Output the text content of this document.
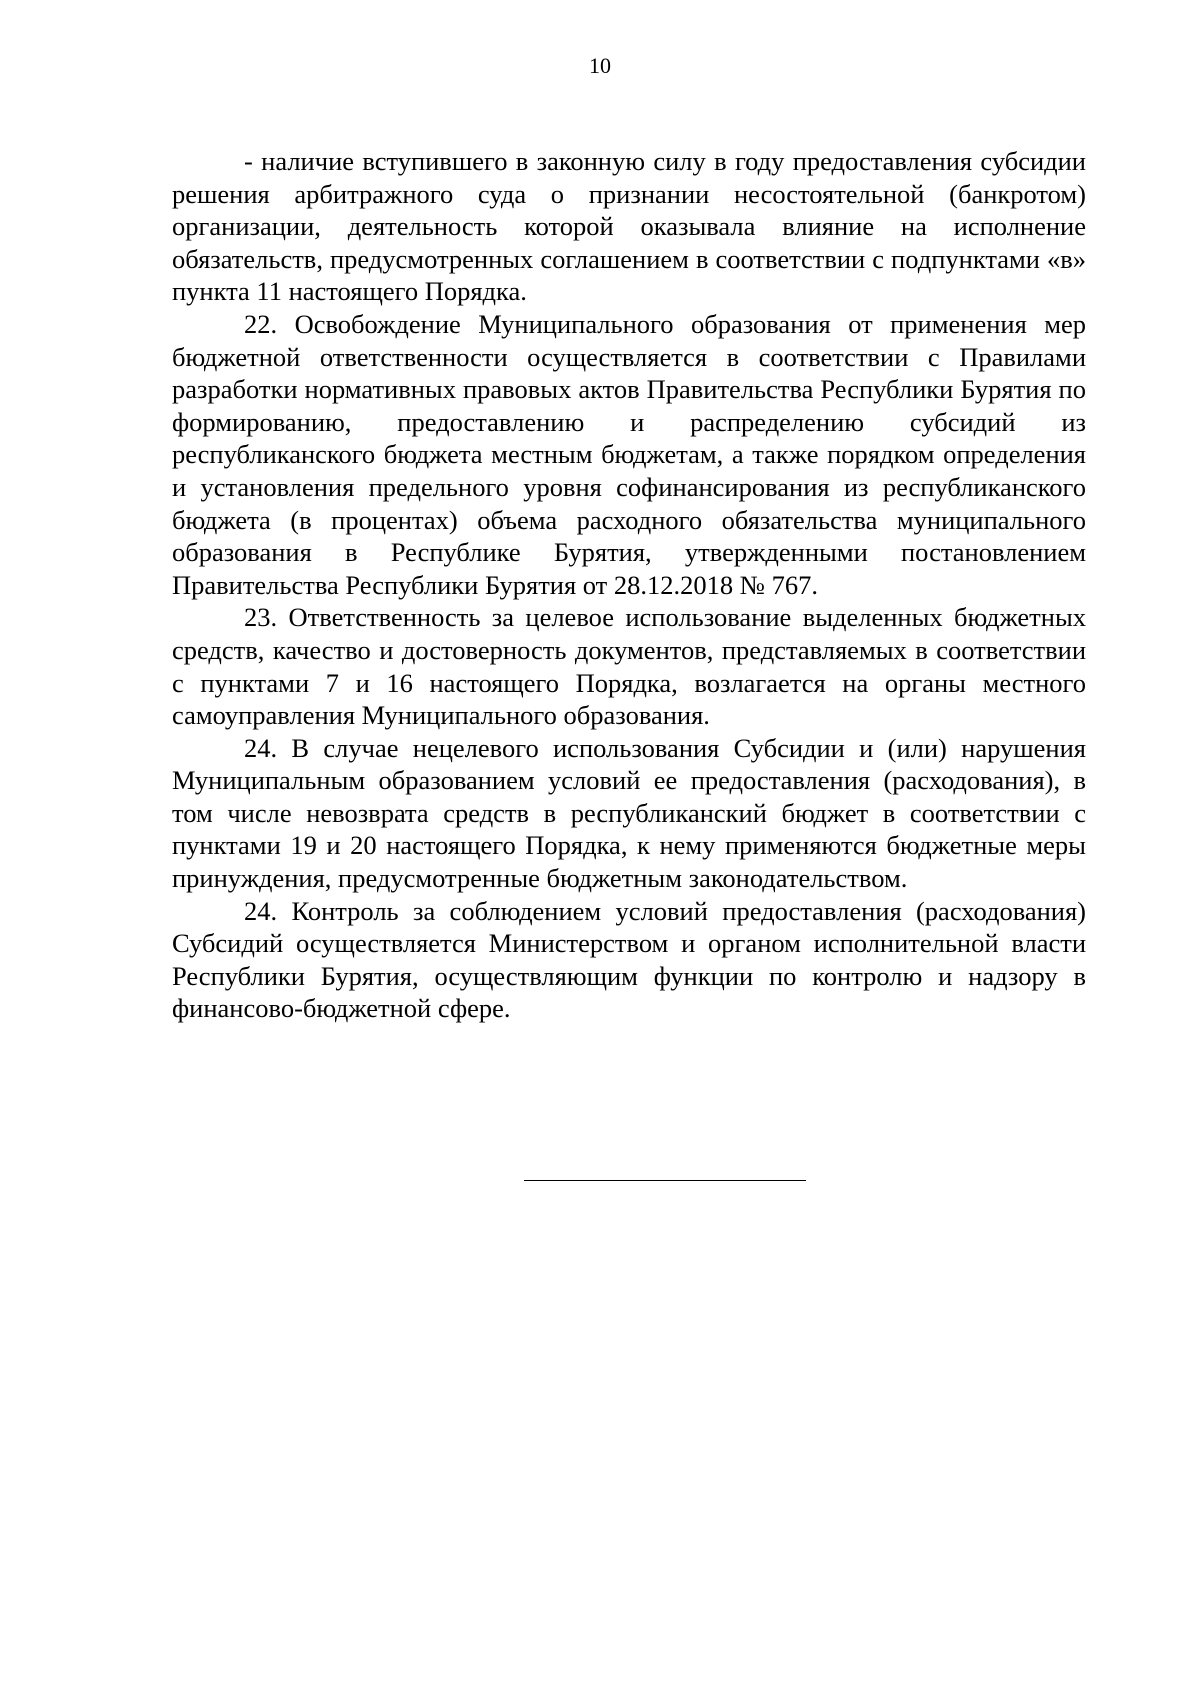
10

- наличие вступившего в законную силу в году предоставления субсидии решения арбитражного суда о признании несостоятельной (банкротом) организации, деятельность которой оказывала влияние на исполнение обязательств, предусмотренных соглашением в соответствии с подпунктами «в» пункта 11 настоящего Порядка.

22. Освобождение Муниципального образования от применения мер бюджетной ответственности осуществляется в соответствии с Правилами разработки нормативных правовых актов Правительства Республики Бурятия по формированию, предоставлению и распределению субсидий из республиканского бюджета местным бюджетам, а также порядком определения и установления предельного уровня софинансирования из республиканского бюджета (в процентах) объема расходного обязательства муниципального образования в Республике Бурятия, утвержденными постановлением Правительства Республики Бурятия от 28.12.2018 № 767.

23. Ответственность за целевое использование выделенных бюджетных средств, качество и достоверность документов, представляемых в соответствии с пунктами 7 и 16 настоящего Порядка, возлагается на органы местного самоуправления Муниципального образования.

24. В случае нецелевого использования Субсидии и (или) нарушения Муниципальным образованием условий ее предоставления (расходования), в том числе невозврата средств в республиканский бюджет в соответствии с пунктами 19 и 20 настоящего Порядка, к нему применяются бюджетные меры принуждения, предусмотренные бюджетным законодательством.

24. Контроль за соблюдением условий предоставления (расходования) Субсидий осуществляется Министерством и органом исполнительной власти Республики Бурятия, осуществляющим функции по контролю и надзору в финансово-бюджетной сфере.
